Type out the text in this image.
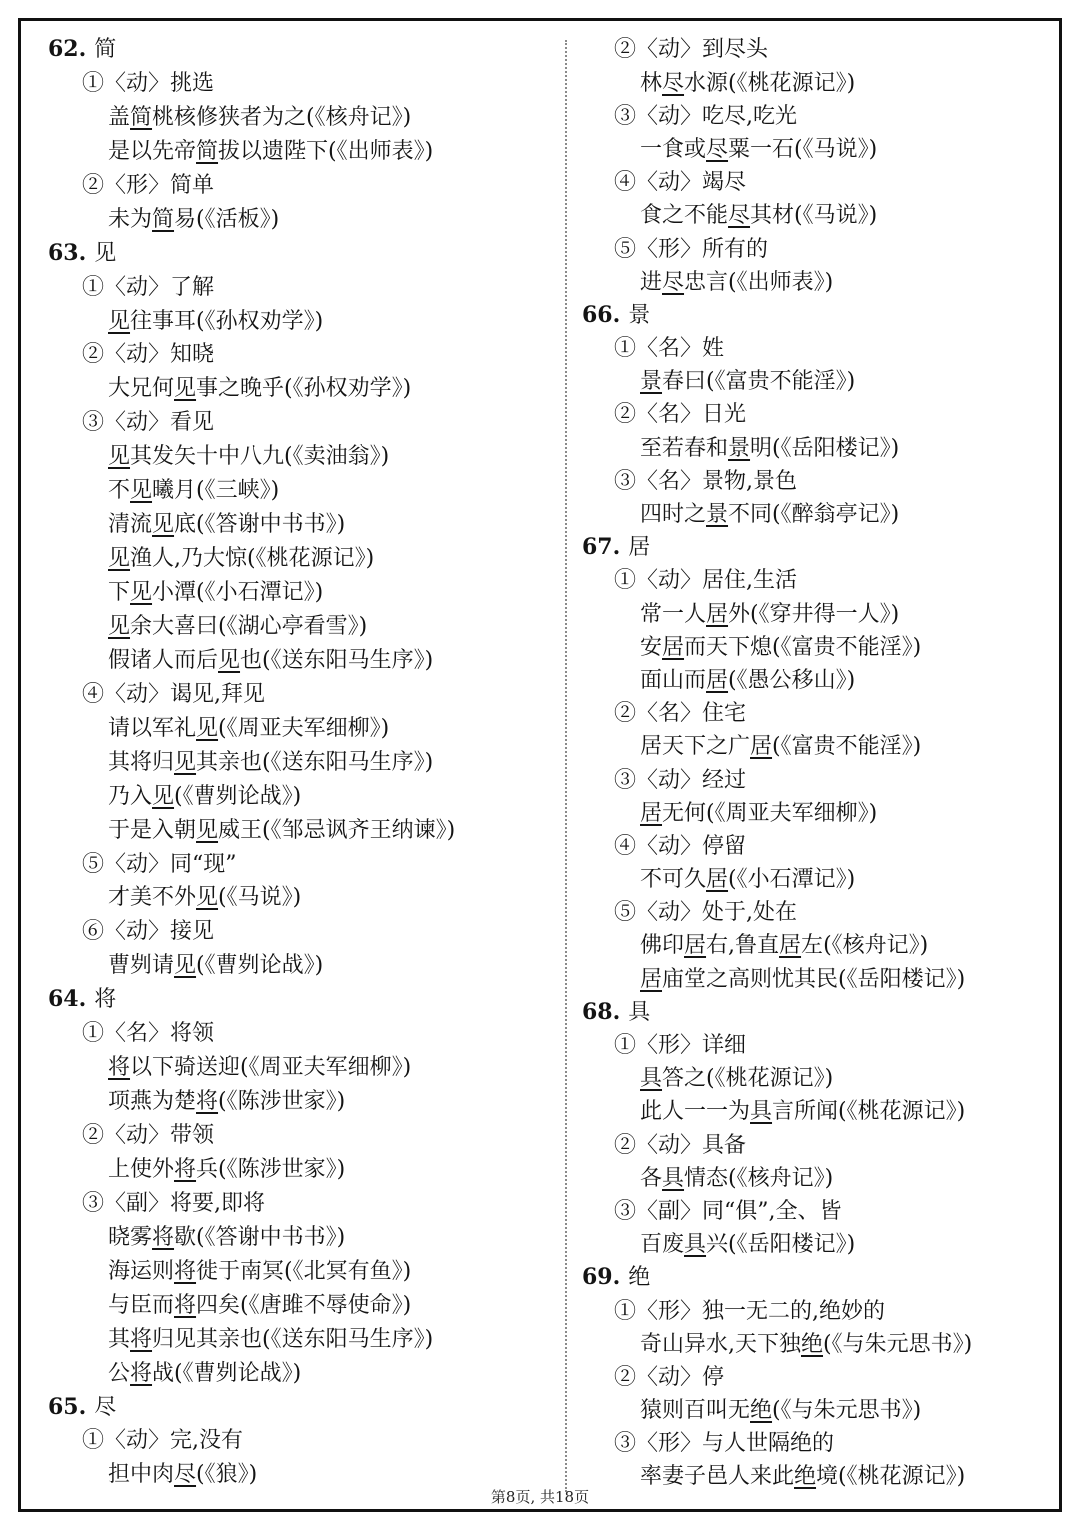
62. 简
①〈动〉挑选
盖简桃核修狭者为之(《核舟记》)
是以先帝简拔以遗陛下(《出师表》)
②〈形〉简单
未为简易(《活板》)
63. 见
①〈动〉了解
见往事耳(《孙权劝学》)
②〈动〉知晓
大兄何见事之晚乎(《孙权劝学》)
③〈动〉看见
见其发矢十中八九(《卖油翁》)
不见曦月(《三峡》)
清流见底(《答谢中书书》)
见渔人,乃大惊(《桃花源记》)
下见小潭(《小石潭记》)
见余大喜曰(《湖心亭看雪》)
假诸人而后见也(《送东阳马生序》)
④〈动〉谒见,拜见
请以军礼见(《周亚夫军细柳》)
其将归见其亲也(《送东阳马生序》)
乃入见(《曹刿论战》)
于是入朝见威王(《邹忌讽齐王纳谏》)
⑤〈动〉同“现”
才美不外见(《马说》)
⑥〈动〉接见
曹刿请见(《曹刿论战》)
64. 将
①〈名〉将领
将以下骑送迎(《周亚夫军细柳》)
项燕为楚将(《陈涉世家》)
②〈动〉带领
上使外将兵(《陈涉世家》)
③〈副〉将要,即将
晓雾将歇(《答谢中书书》)
海运则将徙于南冥(《北冥有鱼》)
与臣而将四矣(《唐雎不辱使命》)
其将归见其亲也(《送东阳马生序》)
公将战(《曹刿论战》)
65. 尽
①〈动〉完,没有
担中肉尽(《狼》)
②〈动〉到尽头
林尽水源(《桃花源记》)
③〈动〉吃尽,吃光
一食或尽粟一石(《马说》)
④〈动〉竭尽
食之不能尽其材(《马说》)
⑤〈形〉所有的
进尽忠言(《出师表》)
66. 景
①〈名〉姓
景春曰(《富贵不能淫》)
②〈名〉日光
至若春和景明(《岳阳楼记》)
③〈名〉景物,景色
四时之景不同(《醉翁亭记》)
67. 居
①〈动〉居住,生活
常一人居外(《穿井得一人》)
安居而天下熄(《富贵不能淫》)
面山而居(《愚公移山》)
②〈名〉住宅
居天下之广居(《富贵不能淫》)
③〈动〉经过
居无何(《周亚夫军细柳》)
④〈动〉停留
不可久居(《小石潭记》)
⑤〈动〉处于,处在
佛印居右,鲁直居左(《核舟记》)
居庙堂之高则忧其民(《岳阳楼记》)
68. 具
①〈形〉详细
具答之(《桃花源记》)
此人一一为具言所闻(《桃花源记》)
②〈动〉具备
各具情态(《核舟记》)
③〈副〉同“俱”,全、皆
百废具兴(《岳阳楼记》)
69. 绝
①〈形〉独一无二的,绝妙的
奇山异水,天下独绝(《与朱元思书》)
②〈动〉停
猿则百叫无绝(《与朱元思书》)
③〈形〉与人世隔绝的
率妻子邑人来此绝境(《桃花源记》)
第8页, 共18页
